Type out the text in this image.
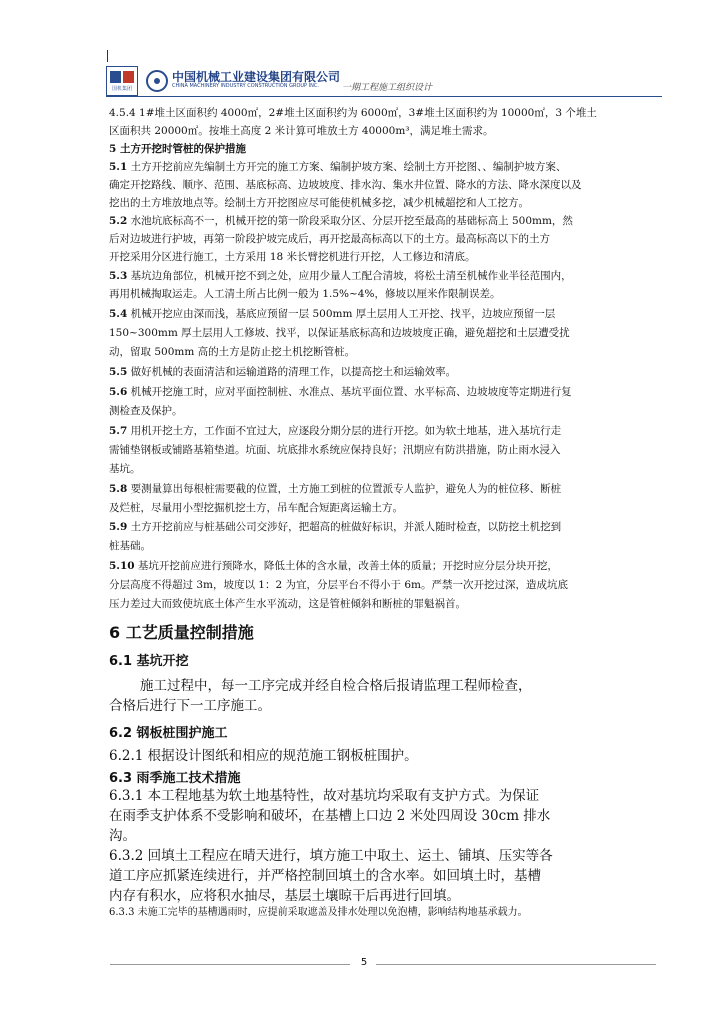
国机集团
中国机械工业建设集团有限公司
CHINA MACHINERY INDUSTRY CONSTRUCTION GROUP INC.	一期工程施工组织设计
4.5.4 1#堆土区面积约 4000㎡，2#堆土区面积约为 6000㎡，3#堆土区面积约为 10000㎡，3 个堆土
区面积共 20000㎡。按堆土高度 2 米计算可堆放土方 40000m³，满足堆土需求。
5 土方开挖时管桩的保护措施
5.1 土方开挖前应先编制土方开完的施工方案、编制护坡方案、绘制土方开挖图、、编制护坡方案、
确定开挖路线、顺序、范围、基底标高、边坡坡度、排水沟、集水井位置、降水的方法、降水深度以及
挖出的土方堆放地点等。绘制土方开挖图应尽可能使机械多挖，减少机械超挖和人工挖方。
5.2 水池坑底标高不一，机械开挖的第一阶段采取分区、分层开挖至最高的基础标高上 500mm，然
后对边坡进行护坡，再第一阶段护坡完成后，再开挖最高标高以下的土方。最高标高以下的土方
开挖采用分区进行施工，土方采用 18 米长臂挖机进行开挖，人工修边和清底。
5.3 基坑边角部位，机械开挖不到之处，应用少量人工配合清坡，将松土清至机械作业半径范围内，
再用机械掏取运走。人工清土所占比例一般为 1.5%~4%，修坡以厘米作限制误差。
5.4 机械开挖应由深而浅，基底应预留一层 500mm 厚土层用人工开挖、找平，边坡应预留一层
150~300mm 厚土层用人工修坡、找平，以保证基底标高和边坡坡度正确，避免超挖和土层遭受扰
动，留取 500mm 高的土方是防止挖土机挖断管桩。
5.5 做好机械的表面清洁和运输道路的清理工作，以提高挖土和运输效率。
5.6 机械开挖施工时，应对平面控制桩、水准点、基坑平面位置、水平标高、边坡坡度等定期进行复
测检查及保护。
5.7 用机开挖土方，工作面不宜过大，应逐段分期分层的进行开挖。如为软土地基，进入基坑行走
需铺垫钢板或铺路基箱垫道。坑面、坑底排水系统应保持良好；汛期应有防洪措施，防止雨水浸入
基坑。
5.8 要测量算出每根桩需要截的位置，土方施工到桩的位置派专人监护，避免人为的桩位移、断桩
及烂桩，尽量用小型挖掘机挖土方，吊车配合短距离运输土方。
5.9 土方开挖前应与桩基础公司交涉好，把超高的桩做好标识，并派人随时检查，以防挖土机挖到
桩基础。
5.10 基坑开挖前应进行预降水，降低土体的含水量，改善土体的质量；开挖时应分层分块开挖，
分层高度不得超过 3m，坡度以 1：2 为宜，分层平台不得小于 6m。严禁一次开挖过深，造成坑底
压力差过大而致使坑底土体产生水平流动，这是管桩倾斜和断桩的罪魁祸首。
6 工艺质量控制措施
6.1 基坑开挖
施工过程中，每一工序完成并经自检合格后报请监理工程师检查，
合格后进行下一工序施工。
6.2 钢板桩围护施工
6.2.1 根据设计图纸和相应的规范施工钢板桩围护。
6.3 雨季施工技术措施
6.3.1 本工程地基为软土地基特性，故对基坑均采取有支护方式。为保证
在雨季支护体系不受影响和破坏，在基槽上口边 2 米处四周设 30cm 排水
沟。
6.3.2 回填土工程应在晴天进行，填方施工中取土、运土、铺填、压实等各
道工序应抓紧连续进行，并严格控制回填土的含水率。如回填土时，基槽
内存有积水，应将积水抽尽，基层土壤晾干后再进行回填。
6.3.3 未施工完毕的基槽遇雨时，应提前采取遮盖及排水处理以免泡槽，影响结构地基承载力。
5
